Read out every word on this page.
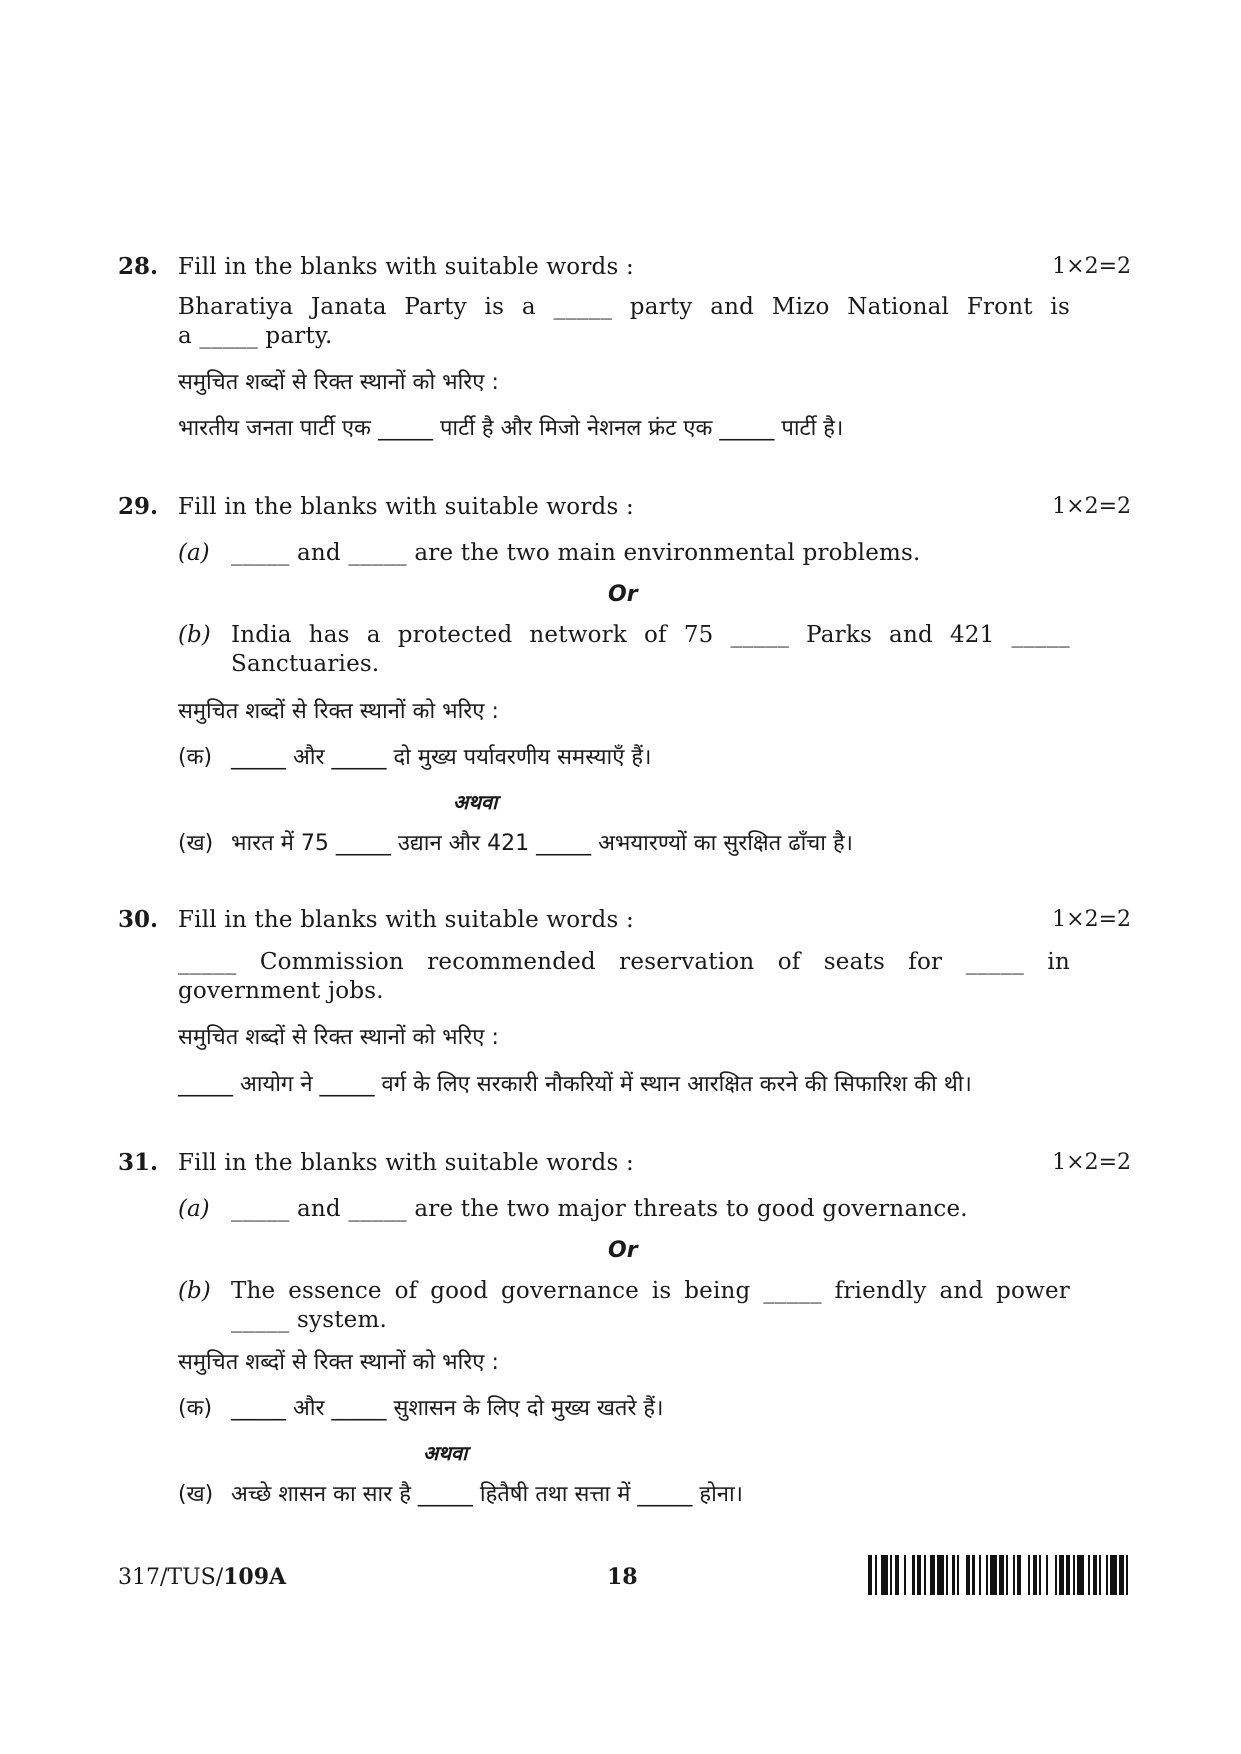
28. Fill in the blanks with suitable words :	1×2=2
Bharatiya Janata Party is a _____ party and Mizo National Front is
a _____ party.
समुचित शब्दों से रिक्त स्थानों को भरिए :
भारतीय जनता पार्टी एक _____ पार्टी है और मिजो नेशनल फ्रंट एक _____ पार्टी है।
29. Fill in the blanks with suitable words :	1×2=2
(a) _____ and _____ are the two main environmental problems.
Or
(b) India has a protected network of 75 _____ Parks and 421 _____
Sanctuaries.
समुचित शब्दों से रिक्त स्थानों को भरिए :
(क) _____ और _____ दो मुख्य पर्यावरणीय समस्याएँ हैं।
अथवा
(ख) भारत में 75 _____ उद्यान और 421 _____ अभयारण्यों का सुरक्षित ढाँचा है।
30. Fill in the blanks with suitable words :	1×2=2
_____ Commission recommended reservation of seats for _____ in
government jobs.
समुचित शब्दों से रिक्त स्थानों को भरिए :
_____ आयोग ने _____ वर्ग के लिए सरकारी नौकरियों में स्थान आरक्षित करने की सिफारिश की थी।
31. Fill in the blanks with suitable words :	1×2=2
(a) _____ and _____ are the two major threats to good governance.
Or
(b) The essence of good governance is being _____ friendly and power
_____ system.
समुचित शब्दों से रिक्त स्थानों को भरिए :
(क) _____ और _____ सुशासन के लिए दो मुख्य खतरे हैं।
अथवा
(ख) अच्छे शासन का सार है _____ हितैषी तथा सत्ता में _____ होना।
317/TUS/109A	18
